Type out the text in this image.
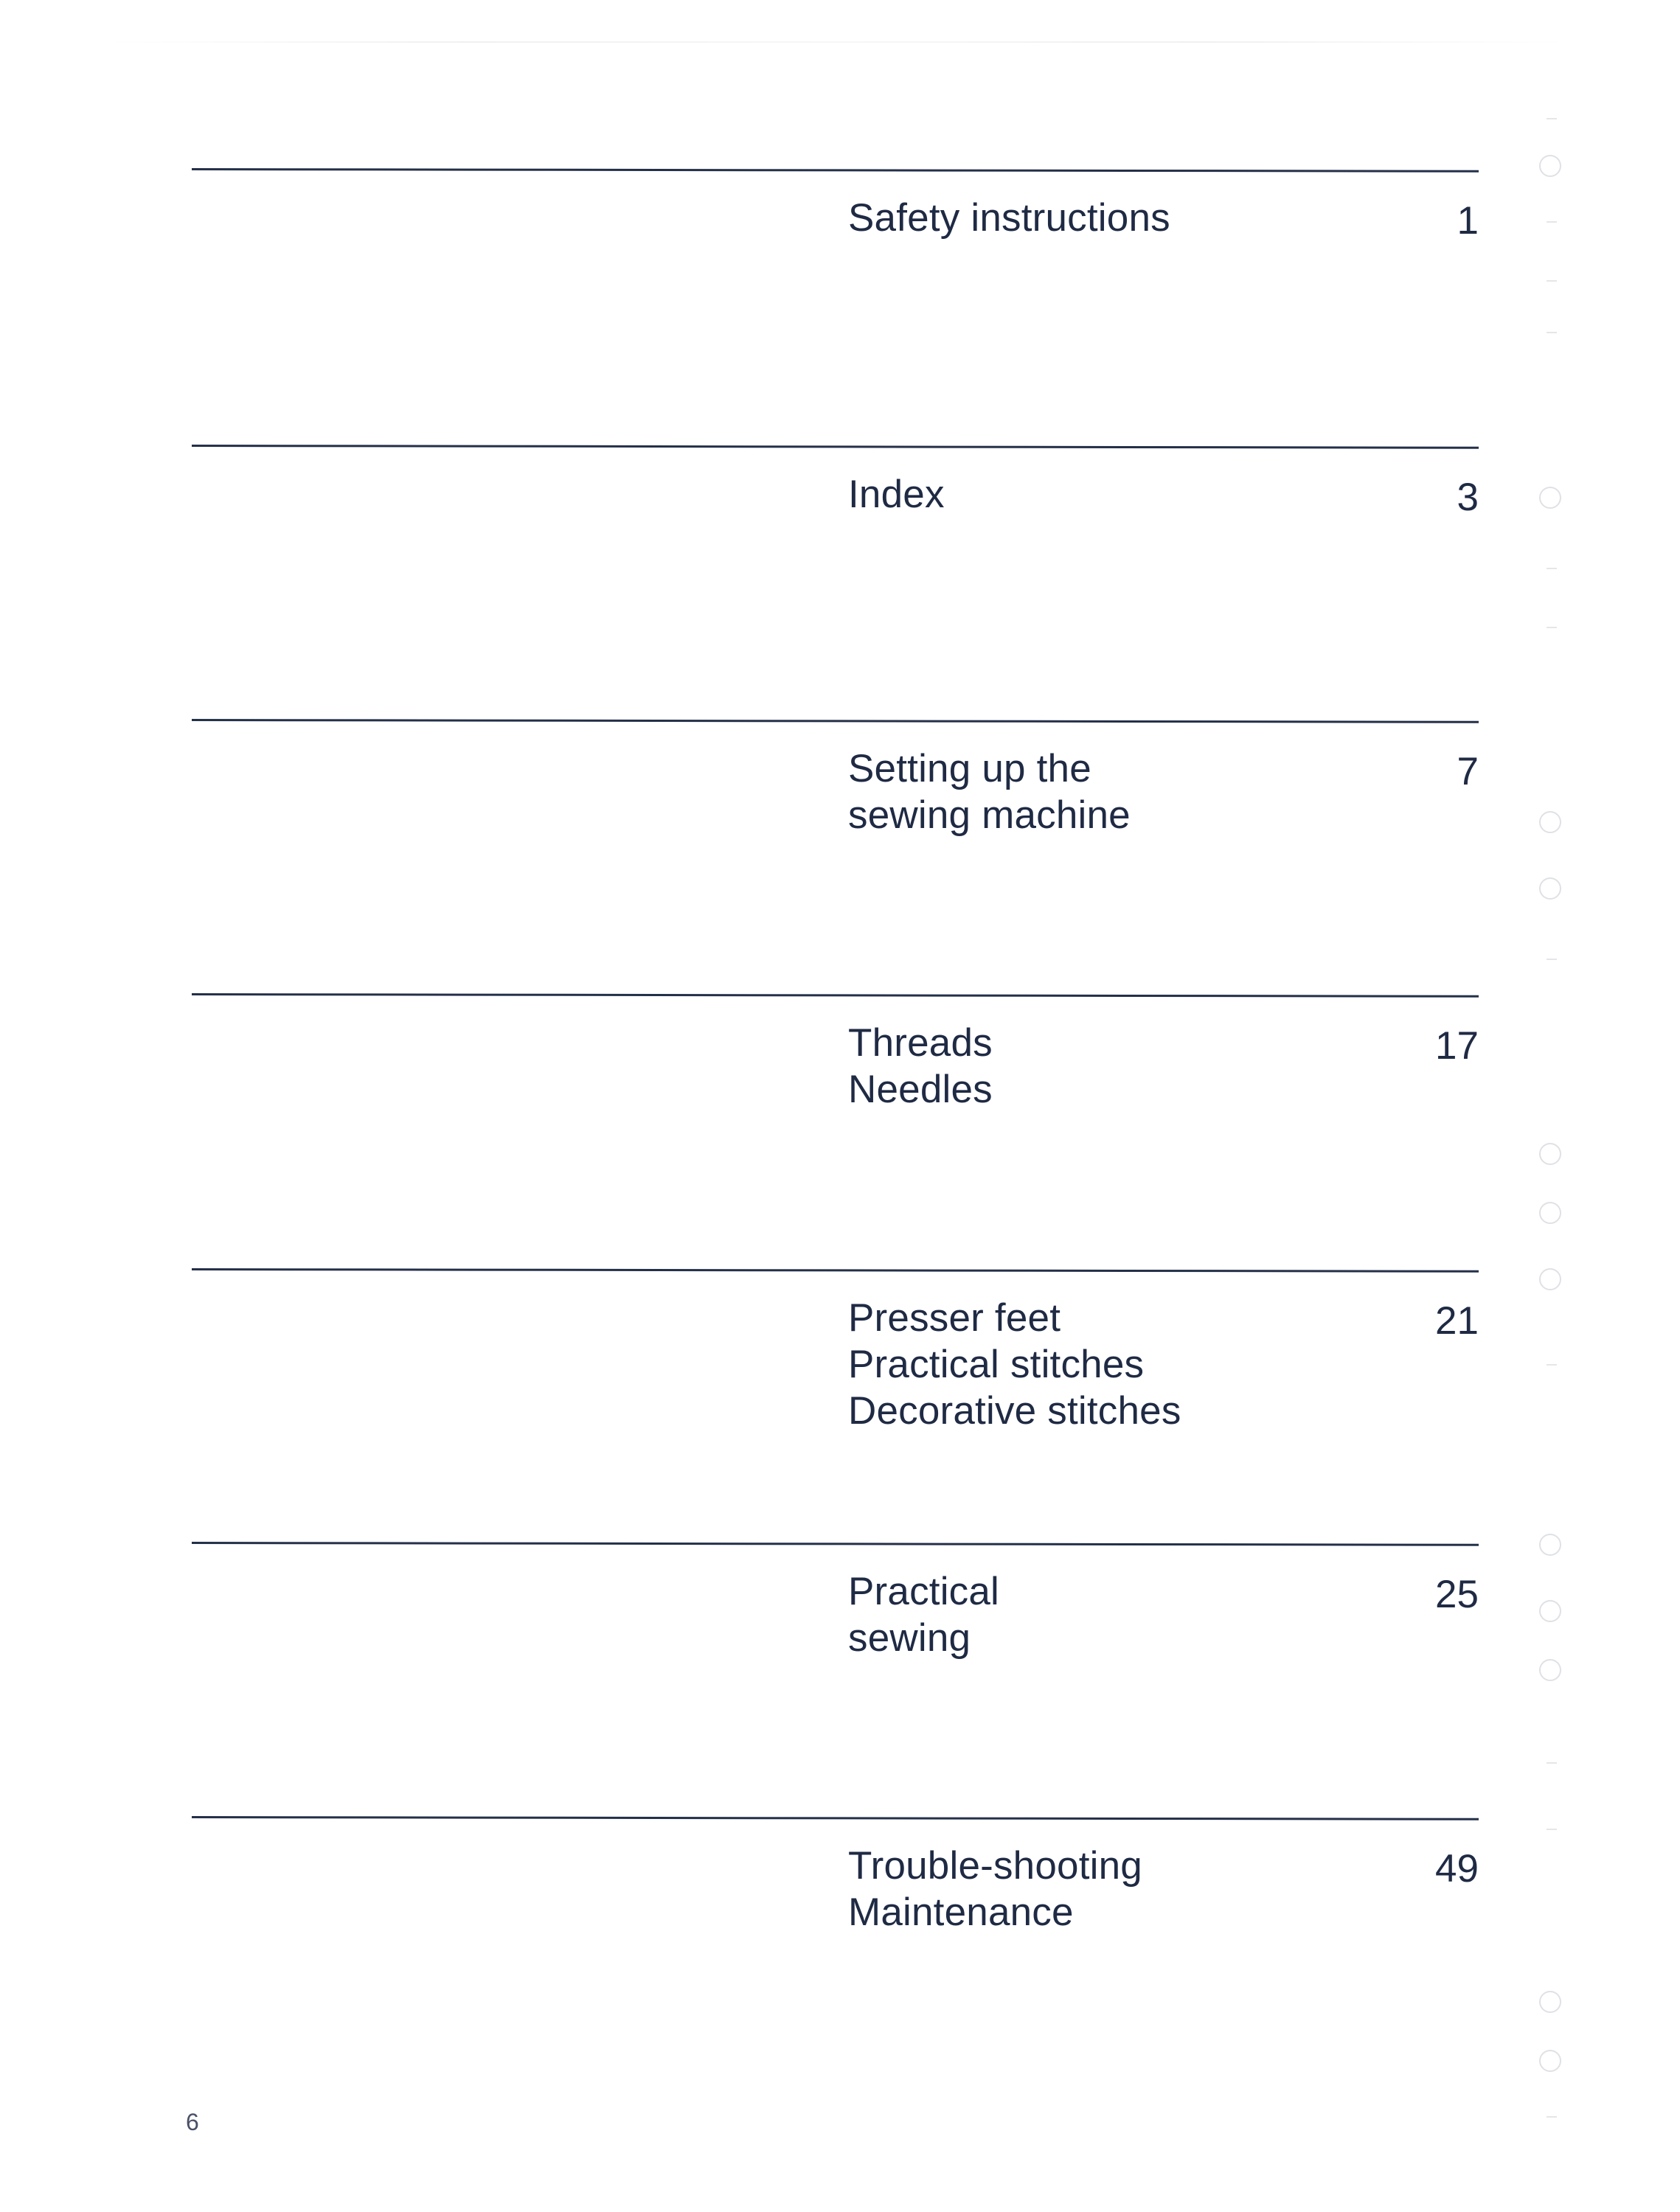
Safety instructions	1
Index	3
Setting up the
sewing machine
7
Threads
Needles
17
Presser feet
Practical stitches
Decorative stitches
21
Practical
sewing
25
Trouble-shooting
Maintenance
49
6
